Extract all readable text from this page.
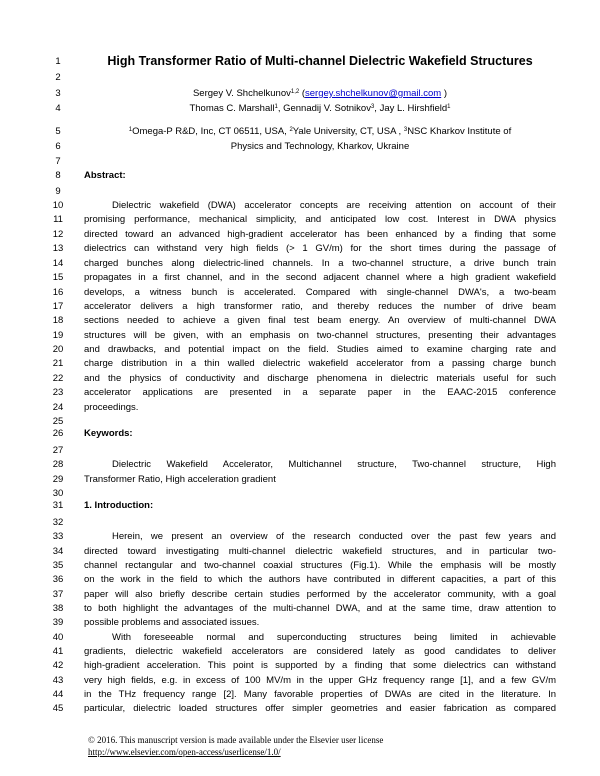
1
2
3
4
5
6
7
8
9
10
11
12
13
14
15
16
17
18
19
20
21
22
23
24
25
26
27
28
29
30
31
32
33
34
35
36
37
38
39
40
41
42
43
44
45
High Transformer Ratio of Multi-channel Dielectric Wakefield Structures
Sergey V. Shchelkunov$^{1,2}$ (sergey.shchelkunov@gmail.com )
Thomas C. Marshall$^1$, Gennadij V. Sotnikov$^3$, Jay L. Hirshfield$^1$
$^1$Omega-P R&D, Inc, CT 06511, USA, $^2$Yale University, CT, USA , $^3$NSC Kharkov Institute of
Physics and Technology, Kharkov, Ukraine
Abstract:
Dielectric wakefield (DWA) accelerator concepts are receiving attention on account of their
promising performance, mechanical simplicity, and anticipated low cost. Interest in DWA physics
directed toward an advanced high-gradient accelerator has been enhanced by a finding that some
dielectrics can withstand very high fields (> 1 GV/m) for the short times during the passage of
charged bunches along dielectric-lined channels. In a two-channel structure, a drive bunch train
propagates in a first channel, and in the second adjacent channel where a high gradient wakefield
develops, a witness bunch is accelerated. Compared with single-channel DWA's, a two-beam
accelerator delivers a high transformer ratio, and thereby reduces the number of drive beam
sections needed to achieve a given final test beam energy. An overview of multi-channel DWA
structures will be given, with an emphasis on two-channel structures, presenting their advantages
and drawbacks, and potential impact on the field. Studies aimed to examine charging rate and
charge distribution in a thin walled dielectric wakefield accelerator from a passing charge bunch
and the physics of conductivity and discharge phenomena in dielectric materials useful for such
accelerator applications are presented in a separate paper in the EAAC-2015 conference
proceedings.
Keywords:
Dielectric Wakefield Accelerator, Multichannel structure, Two-channel structure, High
Transformer Ratio, High acceleration gradient
1. Introduction:
Herein, we present an overview of the research conducted over the past few years and
directed toward investigating multi-channel dielectric wakefield structures, and in particular two-
channel rectangular and two-channel coaxial structures (Fig.1). While the emphasis will be mostly
on the work in the field to which the authors have contributed in different capacities, a part of this
paper will also briefly describe certain studies performed by the accelerator community, with a goal
to both highlight the advantages of the multi-channel DWA, and at the same time, draw attention to
possible problems and associated issues.
With foreseeable normal and superconducting structures being limited in achievable
gradients, dielectric wakefield accelerators are considered lately as good candidates to deliver
high-gradient acceleration. This point is supported by a finding that some dielectrics can withstand
very high fields, e.g. in excess of 100 MV/m in the upper GHz frequency range [1], and a few GV/m
in the THz frequency range [2]. Many favorable properties of DWAs are cited in the literature. In
particular, dielectric loaded structures offer simpler geometries and easier fabrication as compared
© 2016. This manuscript version is made available under the Elsevier user license
http://www.elsevier.com/open-access/userlicense/1.0/
